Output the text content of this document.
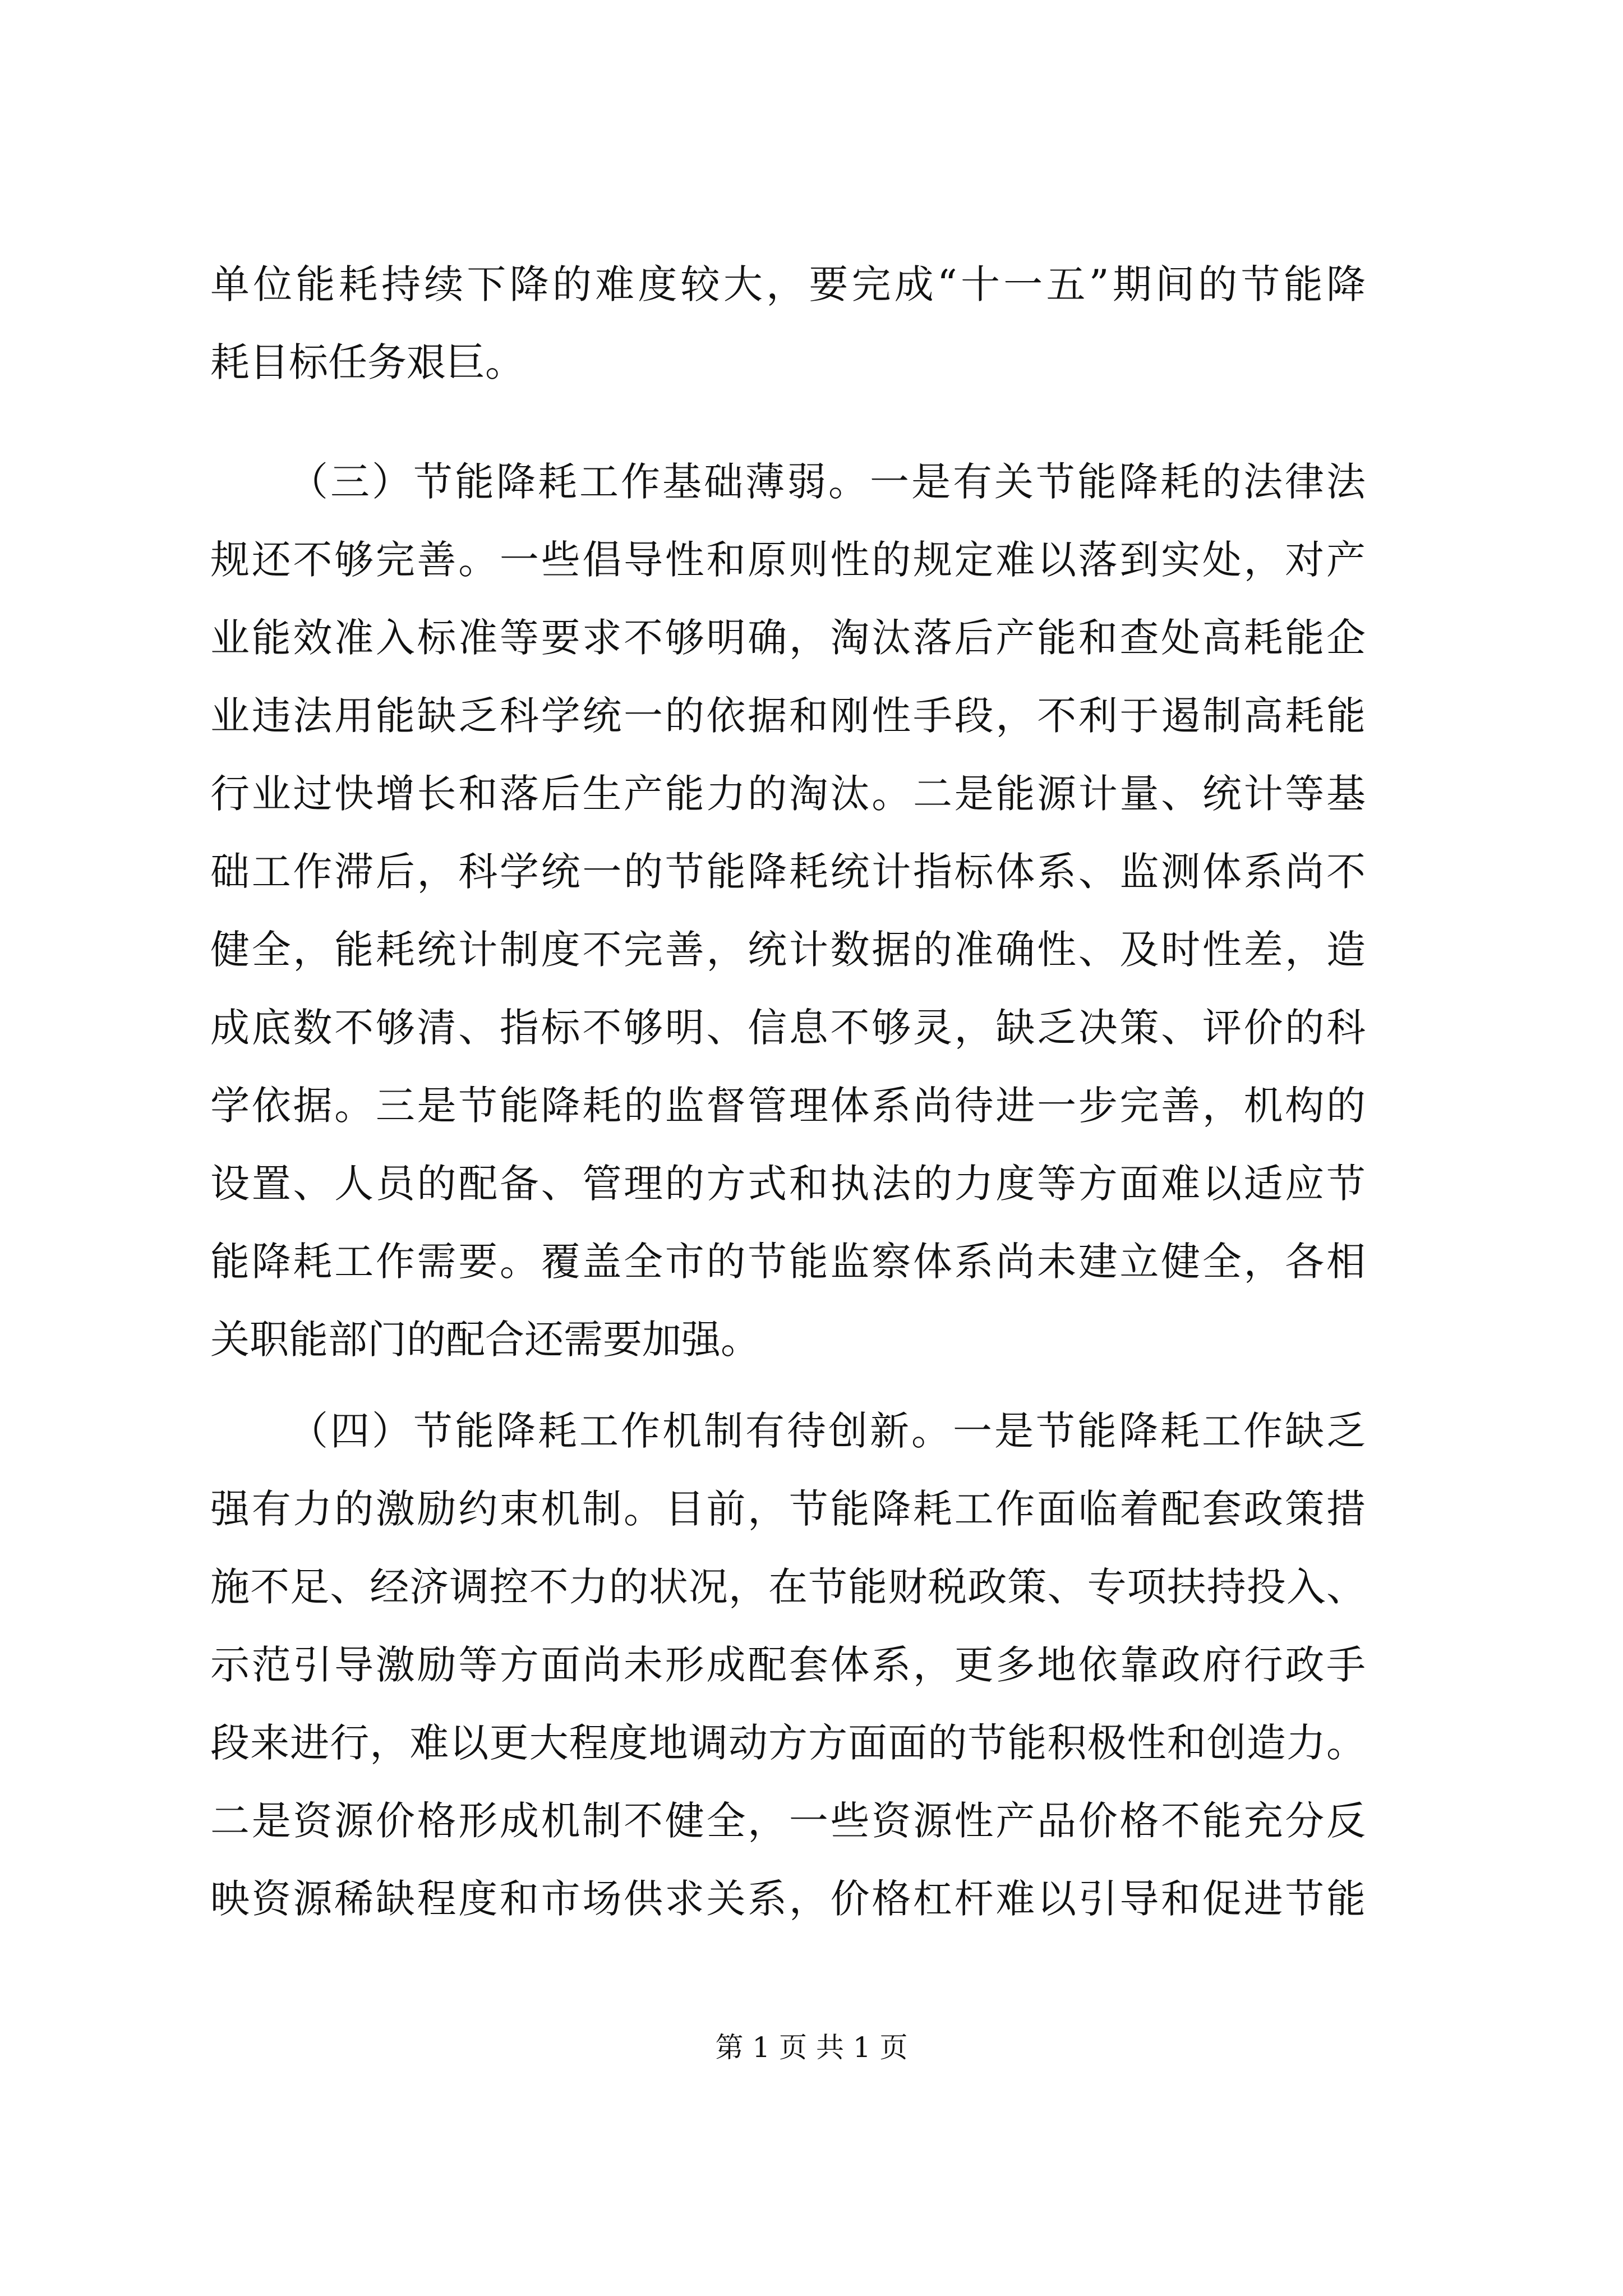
单位能耗持续下降的难度较大，要完成“十一五”期间的节能降
耗目标任务艰巨。
（三）节能降耗工作基础薄弱。一是有关节能降耗的法律法
规还不够完善。一些倡导性和原则性的规定难以落到实处，对产
业能效准入标准等要求不够明确，淘汰落后产能和查处高耗能企
业违法用能缺乏科学统一的依据和刚性手段，不利于遏制高耗能
行业过快增长和落后生产能力的淘汰。二是能源计量、统计等基
础工作滞后，科学统一的节能降耗统计指标体系、监测体系尚不
健全，能耗统计制度不完善，统计数据的准确性、及时性差，造
成底数不够清、指标不够明、信息不够灵，缺乏决策、评价的科
学依据。三是节能降耗的监督管理体系尚待进一步完善，机构的
设置、人员的配备、管理的方式和执法的力度等方面难以适应节
能降耗工作需要。覆盖全市的节能监察体系尚未建立健全，各相
关职能部门的配合还需要加强。
（四）节能降耗工作机制有待创新。一是节能降耗工作缺乏
强有力的激励约束机制。目前，节能降耗工作面临着配套政策措
施不足、经济调控不力的状况，在节能财税政策、专项扶持投入、
示范引导激励等方面尚未形成配套体系，更多地依靠政府行政手
段来进行，难以更大程度地调动方方面面的节能积极性和创造力。
二是资源价格形成机制不健全，一些资源性产品价格不能充分反
映资源稀缺程度和市场供求关系，价格杠杆难以引导和促进节能
第 1 页 共 1 页
